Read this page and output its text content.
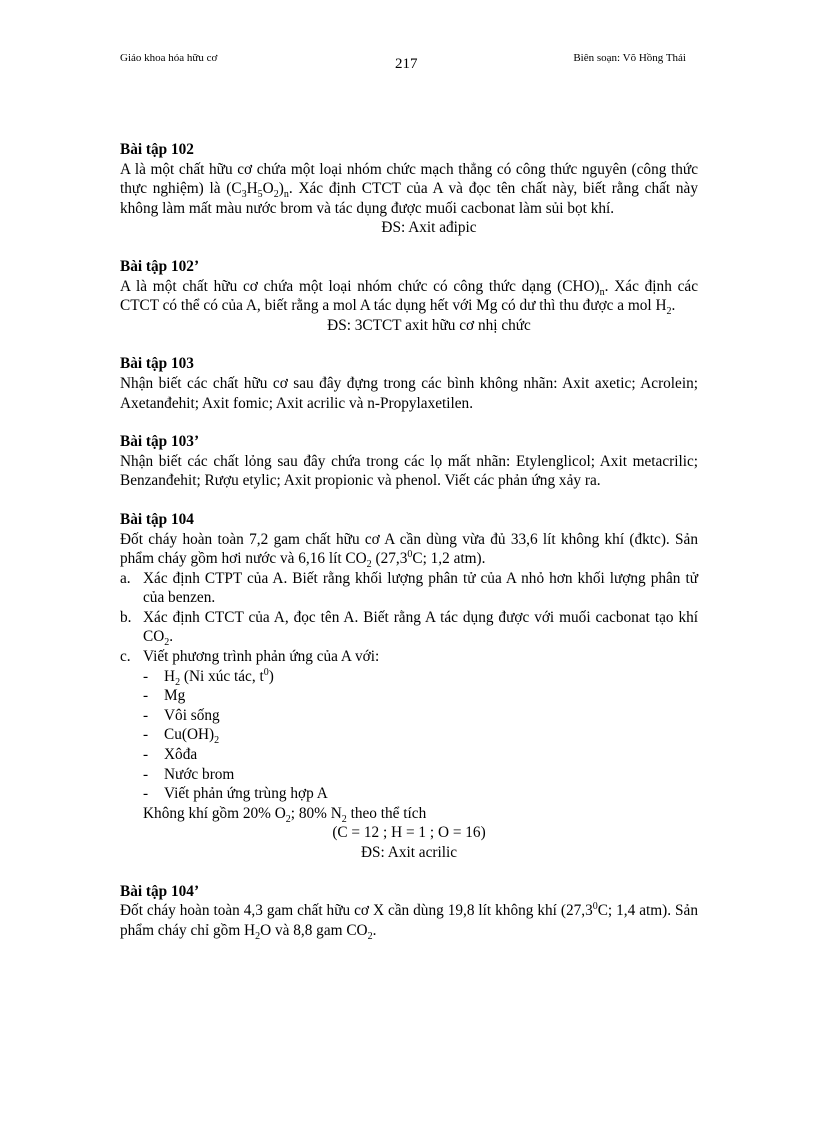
Giáo khoa hóa hữu cơ	217	Biên soạn: Võ Hồng Thái
Bài tập 102
A là một chất hữu cơ chứa một loại nhóm chức mạch thẳng có công thức nguyên (công thức thực nghiệm) là $(C_3H_5O_2)_n$. Xác định CTCT của A và đọc tên chất này, biết rằng chất này không làm mất màu nước brom và tác dụng được muối cacbonat làm sủi bọt khí.
ĐS: Axit ađipic
Bài tập 102’
A là một chất hữu cơ chứa một loại nhóm chức có công thức dạng $(CHO)_n$. Xác định các CTCT có thể có của A, biết rằng a mol A tác dụng hết với Mg có dư thì thu được a mol $H_2$.
ĐS: 3CTCT axit hữu cơ nhị chức
Bài tập 103
Nhận biết các chất hữu cơ sau đây đựng trong các bình không nhãn: Axit axetic; Acrolein; Axetanđehit; Axit fomic; Axit acrilic và n-Propylaxetilen.
Bài tập 103’
Nhận biết các chất lỏng sau đây chứa trong các lọ mất nhãn: Etylenglicol; Axit metacrilic; Benzanđehit; Rượu etylic; Axit propionic và phenol. Viết các phản ứng xảy ra.
Bài tập 104
Đốt cháy hoàn toàn 7,2 gam chất hữu cơ A cần dùng vừa đủ 33,6 lít không khí (đktc). Sản phẩm cháy gồm hơi nước và 6,16 lít $CO_2$ (27,3$^0$C; 1,2 atm).
a. Xác định CTPT của A. Biết rằng khối lượng phân tử của A nhỏ hơn khối lượng phân tử của benzen.
b. Xác định CTCT của A, đọc tên A. Biết rằng A tác dụng được với muối cacbonat tạo khí $CO_2$.
c. Viết phương trình phản ứng của A với:
- $H_2$ (Ni xúc tác, $t^0$)
- Mg
- Vôi sống
- $Cu(OH)_2$
- Xôđa
- Nước brom
- Viết phản ứng trùng hợp A
Không khí gồm 20% $O_2$; 80% $N_2$ theo thể tích
(C = 12 ; H = 1 ; O = 16)
ĐS: Axit acrilic
Bài tập 104’
Đốt cháy hoàn toàn 4,3 gam chất hữu cơ X cần dùng 19,8 lít không khí (27,3$^0$C; 1,4 atm). Sản phẩm cháy chỉ gồm $H_2O$ và 8,8 gam $CO_2$.
